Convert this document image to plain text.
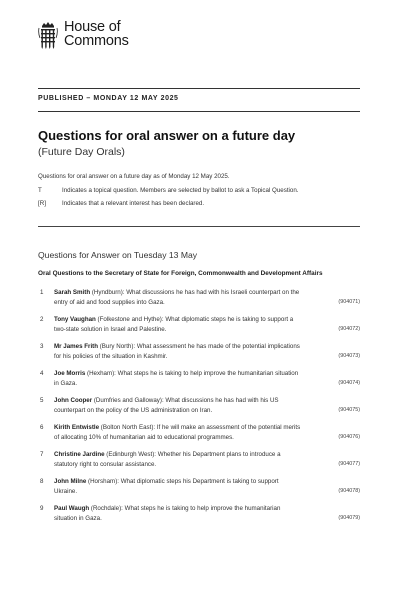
House of
Commons
PUBLISHED – MONDAY 12 MAY 2025
Questions for oral answer on a future day
(Future Day Orals)
Questions for oral answer on a future day as of Monday 12 May 2025.
T	Indicates a topical question. Members are selected by ballot to ask a Topical Question.
[R]	Indicates that a relevant interest has been declared.
Questions for Answer on Tuesday 13 May
Oral Questions to the Secretary of State for Foreign, Commonwealth and Development Affairs
1 Sarah Smith (Hyndburn): What discussions he has had with his Israeli counterpart on the
entry of aid and food supplies into Gaza.	(904071)
2 Tony Vaughan (Folkestone and Hythe): What diplomatic steps he is taking to support a
two-state solution in Israel and Palestine.	(904072)
3 Mr James Frith (Bury North): What assessment he has made of the potential implications
for his policies of the situation in Kashmir.	(904073)
4 Joe Morris (Hexham): What steps he is taking to help improve the humanitarian situation
in Gaza.	(904074)
5 John Cooper (Dumfries and Galloway): What discussions he has had with his US
counterpart on the policy of the US administration on Iran.	(904075)
6 Kirith Entwistle (Bolton North East): If he will make an assessment of the potential merits
of allocating 10% of humanitarian aid to educational programmes.	(904076)
7 Christine Jardine (Edinburgh West): Whether his Department plans to introduce a
statutory right to consular assistance.	(904077)
8 John Milne (Horsham): What diplomatic steps his Department is taking to support
Ukraine.	(904078)
9 Paul Waugh (Rochdale): What steps he is taking to help improve the humanitarian
situation in Gaza.	(904079)
